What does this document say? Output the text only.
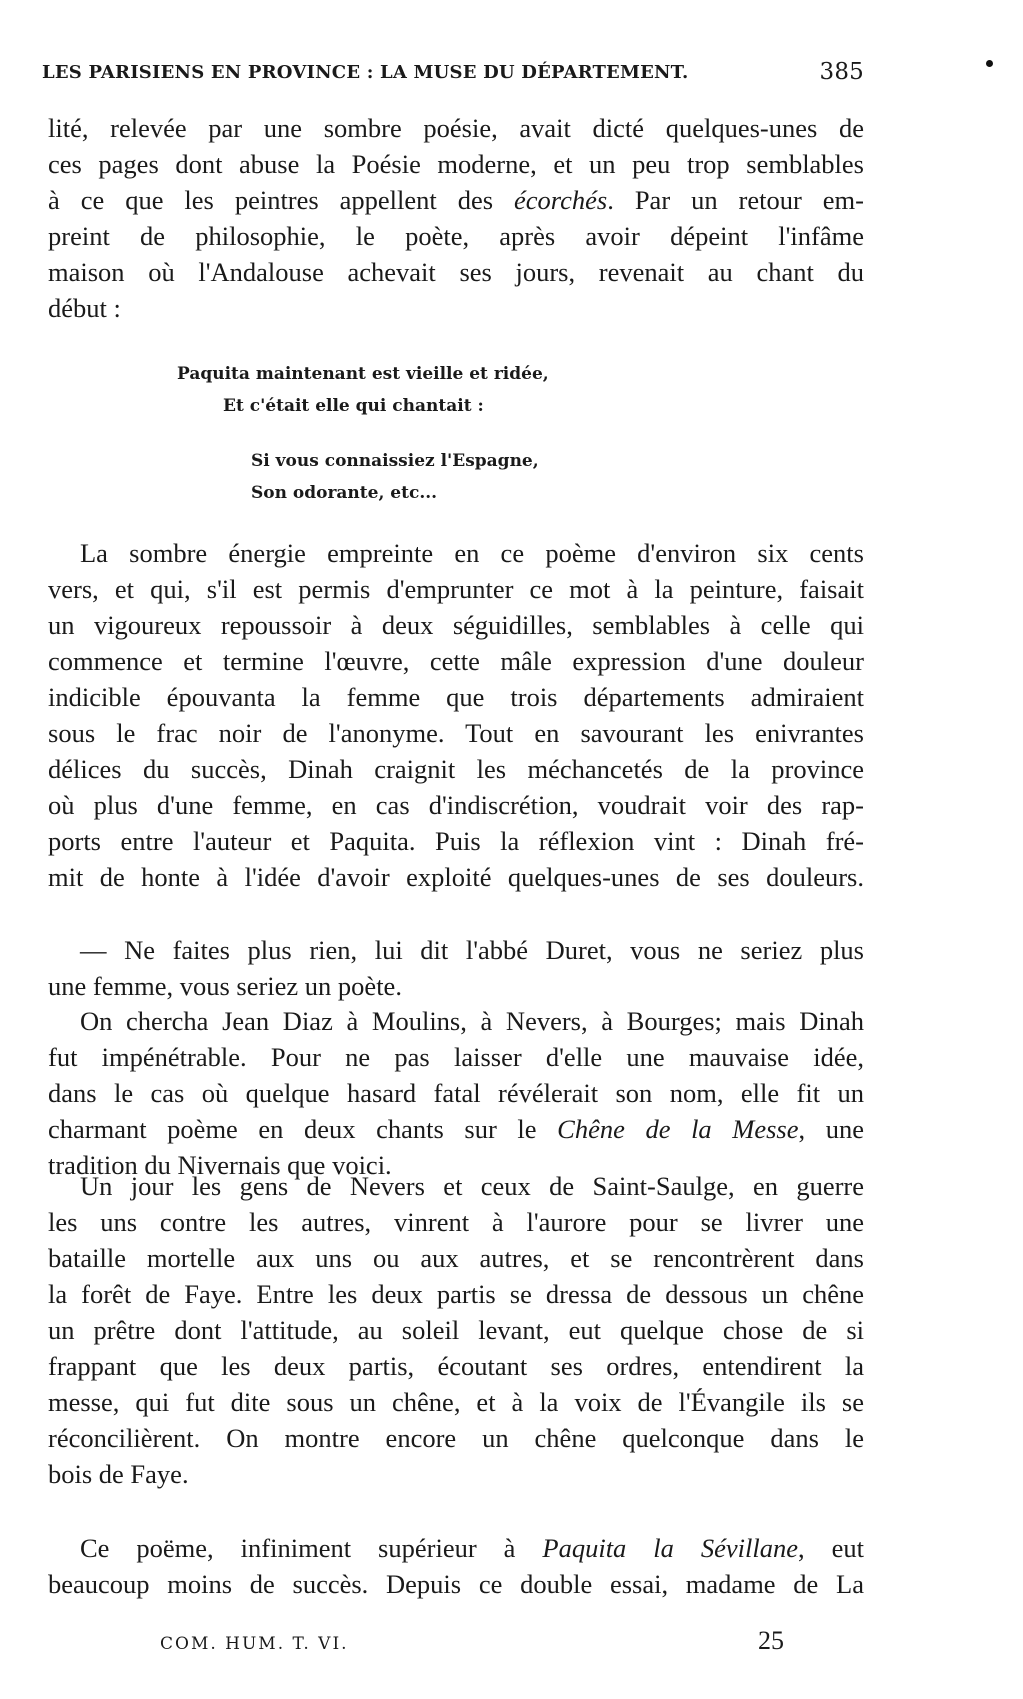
LES PARISIENS EN PROVINCE : LA MUSE DU DÉPARTEMENT.	385
lité, relevée par une sombre poésie, avait dicté quelques-unes de
ces pages dont abuse la Poésie moderne, et un peu trop semblables
à ce que les peintres appellent des écorchés. Par un retour em-
preint de philosophie, le poète, après avoir dépeint l'infâme
maison où l'Andalouse achevait ses jours, revenait au chant du
début :
Paquita maintenant est vieille et ridée,
Et c'était elle qui chantait :
Si vous connaissiez l'Espagne,
Son odorante, etc...
La sombre énergie empreinte en ce poème d'environ six cents
vers, et qui, s'il est permis d'emprunter ce mot à la peinture, faisait
un vigoureux repoussoir à deux séguidilles, semblables à celle qui
commence et termine l'œuvre, cette mâle expression d'une douleur
indicible épouvanta la femme que trois départements admiraient
sous le frac noir de l'anonyme. Tout en savourant les enivrantes
délices du succès, Dinah craignit les méchancetés de la province
où plus d'une femme, en cas d'indiscrétion, voudrait voir des rap-
ports entre l'auteur et Paquita. Puis la réflexion vint : Dinah fré-
mit de honte à l'idée d'avoir exploité quelques-unes de ses douleurs.
— Ne faites plus rien, lui dit l'abbé Duret, vous ne seriez plus
une femme, vous seriez un poète.
On chercha Jean Diaz à Moulins, à Nevers, à Bourges; mais Dinah
fut impénétrable. Pour ne pas laisser d'elle une mauvaise idée,
dans le cas où quelque hasard fatal révélerait son nom, elle fit un
charmant poème en deux chants sur le Chêne de la Messe, une
tradition du Nivernais que voici.
Un jour les gens de Nevers et ceux de Saint-Saulge, en guerre
les uns contre les autres, vinrent à l'aurore pour se livrer une
bataille mortelle aux uns ou aux autres, et se rencontrèrent dans
la forêt de Faye. Entre les deux partis se dressa de dessous un chêne
un prêtre dont l'attitude, au soleil levant, eut quelque chose de si
frappant que les deux partis, écoutant ses ordres, entendirent la
messe, qui fut dite sous un chêne, et à la voix de l'Évangile ils se
réconcilièrent. On montre encore un chêne quelconque dans le
bois de Faye.
Ce poëme, infiniment supérieur à Paquita la Sévillane, eut
beaucoup moins de succès. Depuis ce double essai, madame de La
COM. HUM. T. VI.	25
